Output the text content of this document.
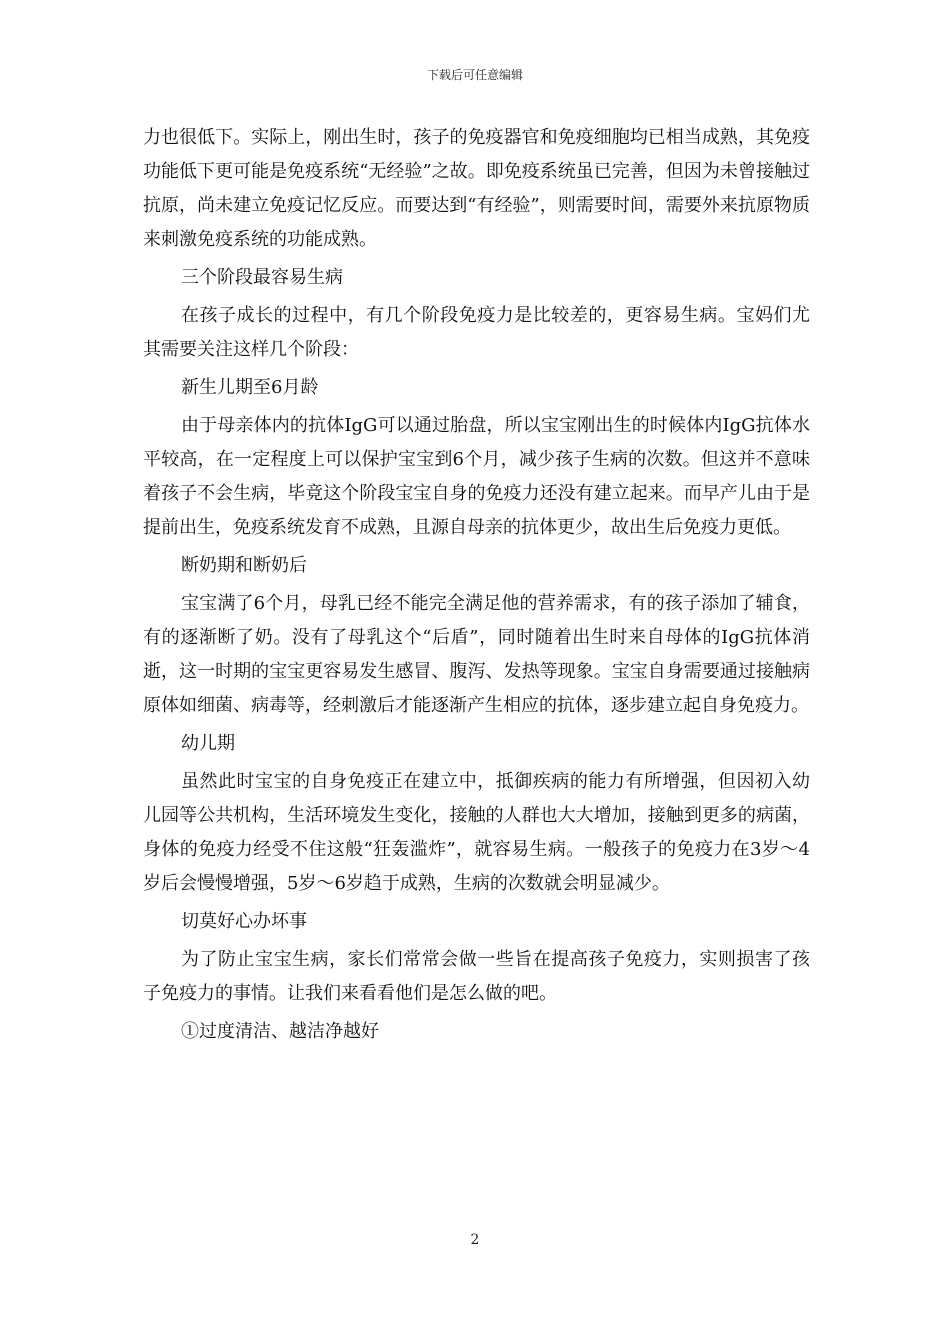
下载后可任意编辑

力也很低下。实际上，刚出生时，孩子的免疫器官和免疫细胞均已相当成熟，其免疫功能低下更可能是免疫系统“无经验”之故。即免疫系统虽已完善，但因为未曾接触过抗原，尚未建立免疫记忆反应。而要达到“有经验”，则需要时间，需要外来抗原物质来刺激免疫系统的功能成熟。

三个阶段最容易生病

在孩子成长的过程中，有几个阶段免疫力是比较差的，更容易生病。宝妈们尤其需要关注这样几个阶段：

新生儿期至6月龄

由于母亲体内的抗体IgG可以通过胎盘，所以宝宝刚出生的时候体内IgG抗体水平较高，在一定程度上可以保护宝宝到6个月，减少孩子生病的次数。但这并不意味着孩子不会生病，毕竟这个阶段宝宝自身的免疫力还没有建立起来。而早产儿由于是提前出生，免疫系统发育不成熟，且源自母亲的抗体更少，故出生后免疫力更低。

断奶期和断奶后

宝宝满了6个月，母乳已经不能完全满足他的营养需求，有的孩子添加了辅食，有的逐渐断了奶。没有了母乳这个“后盾”，同时随着出生时来自母体的IgG抗体消逝，这一时期的宝宝更容易发生感冒、腹泻、发热等现象。宝宝自身需要通过接触病原体如细菌、病毒等，经刺激后才能逐渐产生相应的抗体，逐步建立起自身免疫力。

幼儿期

虽然此时宝宝的自身免疫正在建立中，抵御疾病的能力有所增强，但因初入幼儿园等公共机构，生活环境发生变化，接触的人群也大大增加，接触到更多的病菌，身体的免疫力经受不住这般“狂轰滥炸”，就容易生病。一般孩子的免疫力在3岁～4岁后会慢慢增强，5岁～6岁趋于成熟，生病的次数就会明显减少。

切莫好心办坏事

为了防止宝宝生病，家长们常常会做一些旨在提高孩子免疫力，实则损害了孩子免疫力的事情。让我们来看看他们是怎么做的吧。

①过度清洁、越洁净越好

2
